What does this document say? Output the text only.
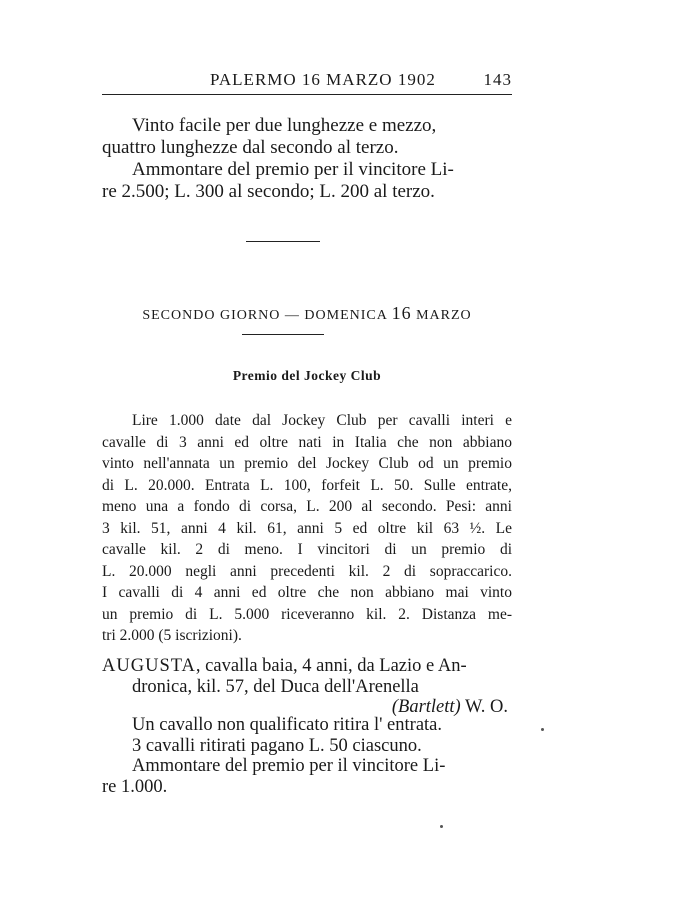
PALERMO 16 MARZO 1902	143
Vinto facile per due lunghezze e mezzo,
quattro lunghezze dal secondo al terzo.
Ammontare del premio per il vincitore Li-
re 2.500; L. 300 al secondo; L. 200 al terzo.
SECONDO GIORNO — DOMENICA 16 MARZO
Premio del Jockey Club
Lire 1.000 date dal Jockey Club per cavalli interi e
cavalle di 3 anni ed oltre nati in Italia che non abbiano
vinto nell'annata un premio del Jockey Club od un premio
di L. 20.000. Entrata L. 100, forfeit L. 50. Sulle entrate,
meno una a fondo di corsa, L. 200 al secondo. Pesi: anni
3 kil. 51, anni 4 kil. 61, anni 5 ed oltre kil 63 ½. Le
cavalle kil. 2 di meno. I vincitori di un premio di
L. 20.000 negli anni precedenti kil. 2 di sopraccarico.
I cavalli di 4 anni ed oltre che non abbiano mai vinto
un premio di L. 5.000 riceveranno kil. 2. Distanza me-
tri 2.000 (5 iscrizioni).
AUGUSTA, cavalla baia, 4 anni, da Lazio e An-
dronica, kil. 57, del Duca dell'Arenella
(Bartlett) W. O.
Un cavallo non qualificato ritira l' entrata.
3 cavalli ritirati pagano L. 50 ciascuno.
Ammontare del premio per il vincitore Li-
re 1.000.
